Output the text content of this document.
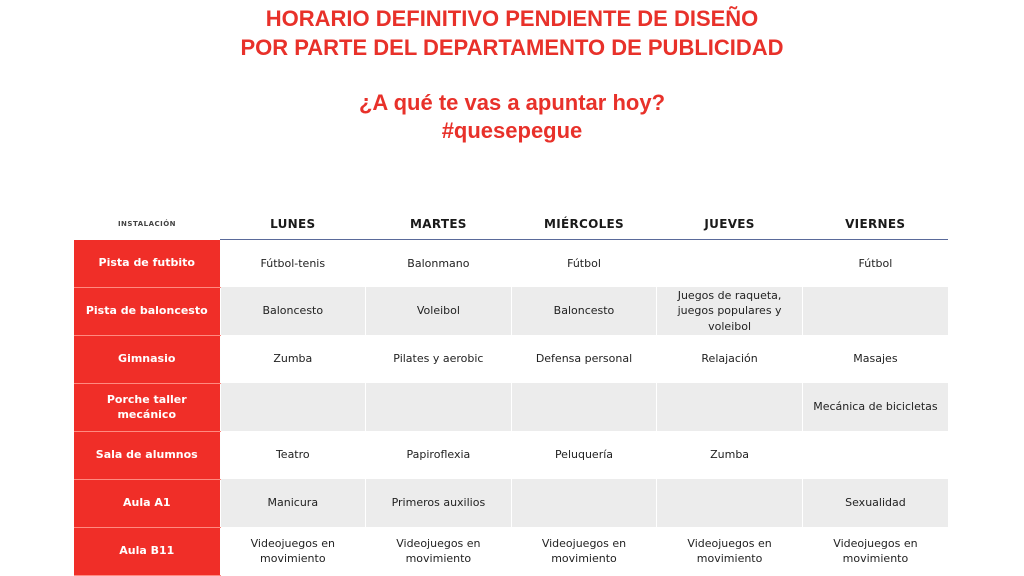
HORARIO DEFINITIVO PENDIENTE DE DISEÑO
POR PARTE DEL DEPARTAMENTO DE PUBLICIDAD
¿A qué te vas a apuntar hoy?
#quesepegue
INSTALACIÓN	LUNES	MARTES	MIÉRCOLES	JUEVES	VIERNES
Pista de futbito	Fútbol-tenis	Balonmano	Fútbol		Fútbol
Pista de baloncesto	Baloncesto	Voleibol	Baloncesto	Juegos de raqueta, juegos populares y voleibol	
Gimnasio	Zumba	Pilates y aerobic	Defensa personal	Relajación	Masajes
Porche taller mecánico					Mecánica de bicicletas
Sala de alumnos	Teatro	Papiroflexia	Peluquería	Zumba	
Aula A1	Manicura	Primeros auxilios			Sexualidad
Aula B11	Videojuegos en movimiento	Videojuegos en movimiento	Videojuegos en movimiento	Videojuegos en movimiento	Videojuegos en movimiento
